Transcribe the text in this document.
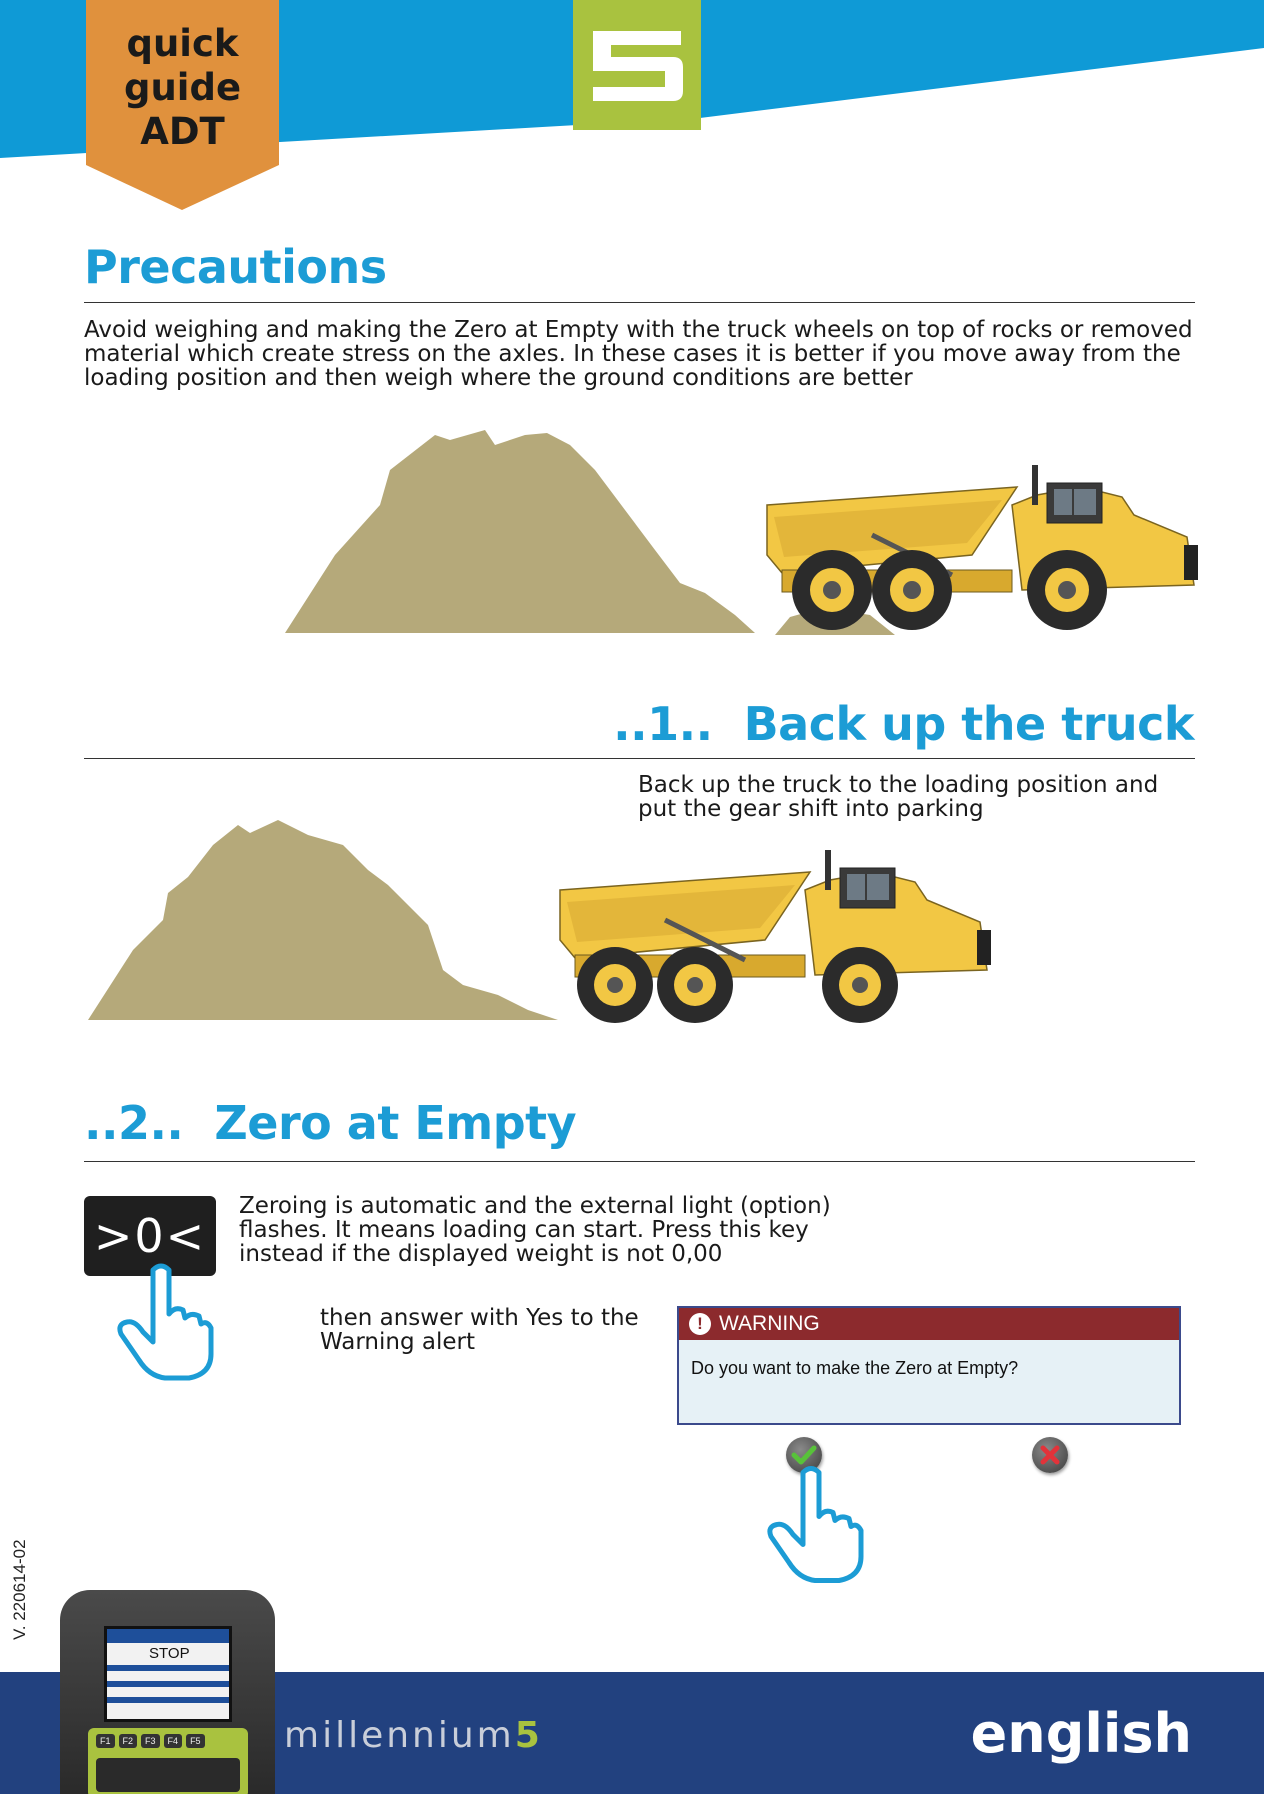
quick
guide
ADT
Precautions
Avoid weighing and making the Zero at Empty with the truck wheels on top of rocks or removed material which create stress on the axles. In these cases it is better if you move away from the loading position and then weigh where the ground conditions are better
..1..  Back up the truck
Back up the truck to the loading position and put the gear shift into parking
..2..  Zero at Empty
>0<
Zeroing is automatic and the external light (option) flashes. It means loading can start. Press this key instead if the displayed weight is not 0,00
then answer with Yes to the Warning alert
! WARNING
Do you want to make the Zero at Empty?
V. 220614-02
STOP
F1	F2	F3	F4	F5 millennium5	english
